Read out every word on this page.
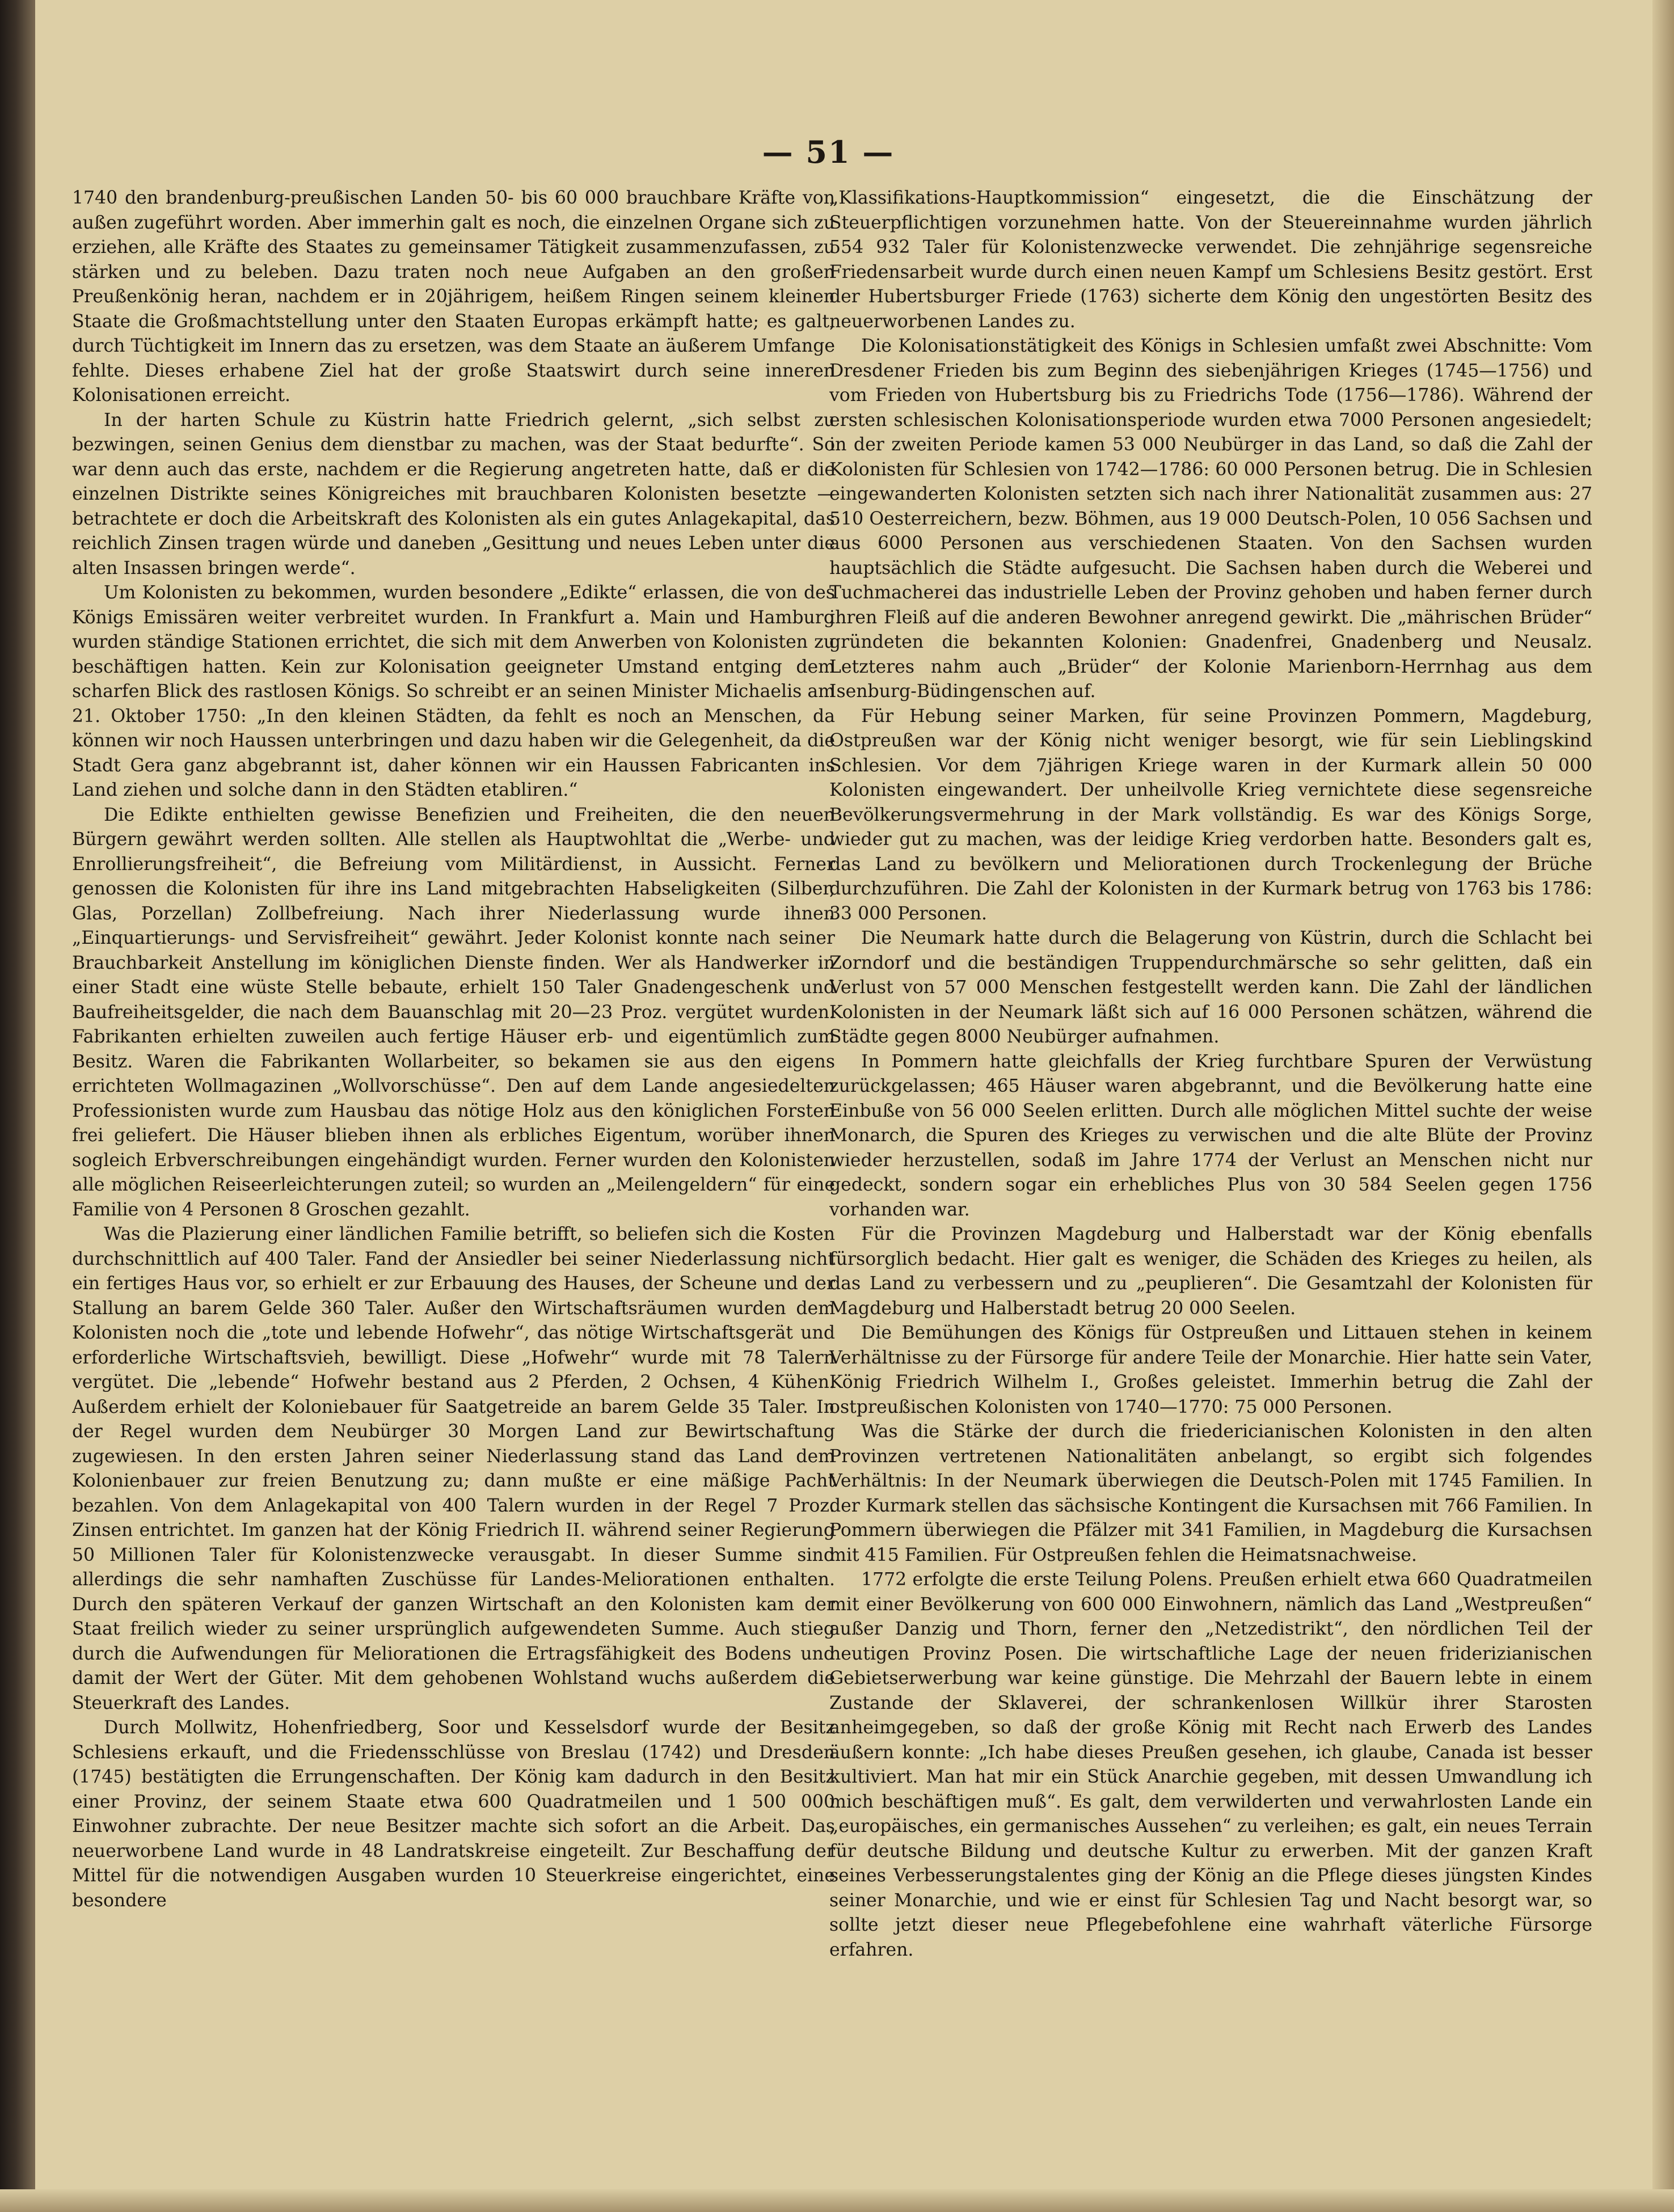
— 51 —

1740 den brandenburg-preußischen Landen 50- bis 60 000 brauchbare Kräfte von außen zugeführt worden. Aber immerhin galt es noch, die einzelnen Organe sich zu erziehen, alle Kräfte des Staates zu gemeinsamer Tätigkeit zusammenzufassen, zu stärken und zu beleben. Dazu traten noch neue Aufgaben an den großen Preußenkönig heran, nachdem er in 20jährigem, heißem Ringen seinem kleinen Staate die Großmachtstellung unter den Staaten Europas erkämpft hatte; es galt, durch Tüchtigkeit im Innern das zu ersetzen, was dem Staate an äußerem Umfange fehlte. Dieses erhabene Ziel hat der große Staatswirt durch seine inneren Kolonisationen erreicht.

In der harten Schule zu Küstrin hatte Friedrich gelernt, „sich selbst zu bezwingen, seinen Genius dem dienstbar zu machen, was der Staat bedurfte“. So war denn auch das erste, nachdem er die Regierung angetreten hatte, daß er die einzelnen Distrikte seines Königreiches mit brauchbaren Kolonisten besetzte — betrachtete er doch die Arbeitskraft des Kolonisten als ein gutes Anlagekapital, das reichlich Zinsen tragen würde und daneben „Gesittung und neues Leben unter die alten Insassen bringen werde“.

Um Kolonisten zu bekommen, wurden besondere „Edikte“ erlassen, die von des Königs Emissären weiter verbreitet wurden. In Frankfurt a. Main und Hamburg wurden ständige Stationen errichtet, die sich mit dem Anwerben von Kolonisten zu beschäftigen hatten. Kein zur Kolonisation geeigneter Umstand entging dem scharfen Blick des rastlosen Königs. So schreibt er an seinen Minister Michaelis am 21. Oktober 1750: „In den kleinen Städten, da fehlt es noch an Menschen, da können wir noch Haussen unterbringen und dazu haben wir die Gelegenheit, da die Stadt Gera ganz abgebrannt ist, daher können wir ein Haussen Fabricanten ins Land ziehen und solche dann in den Städten etabliren.“

Die Edikte enthielten gewisse Benefizien und Freiheiten, die den neuen Bürgern gewährt werden sollten. Alle stellen als Hauptwohltat die „Werbe- und Enrollierungsfreiheit“, die Befreiung vom Militärdienst, in Aussicht. Ferner genossen die Kolonisten für ihre ins Land mitgebrachten Habseligkeiten (Silber, Glas, Porzellan) Zollbefreiung. Nach ihrer Niederlassung wurde ihnen „Einquartierungs- und Servisfreiheit“ gewährt. Jeder Kolonist konnte nach seiner Brauchbarkeit Anstellung im königlichen Dienste finden. Wer als Handwerker in einer Stadt eine wüste Stelle bebaute, erhielt 150 Taler Gnadengeschenk und Baufreiheitsgelder, die nach dem Bauanschlag mit 20—23 Proz. vergütet wurden. Fabrikanten erhielten zuweilen auch fertige Häuser erb- und eigentümlich zum Besitz. Waren die Fabrikanten Wollarbeiter, so bekamen sie aus den eigens errichteten Wollmagazinen „Wollvorschüsse“. Den auf dem Lande angesiedelten Professionisten wurde zum Hausbau das nötige Holz aus den königlichen Forsten frei geliefert. Die Häuser blieben ihnen als erbliches Eigentum, worüber ihnen sogleich Erbverschreibungen eingehändigt wurden. Ferner wurden den Kolonisten alle möglichen Reiseerleichterungen zuteil; so wurden an „Meilengeldern“ für eine Familie von 4 Personen 8 Groschen gezahlt.

Was die Plazierung einer ländlichen Familie betrifft, so beliefen sich die Kosten durchschnittlich auf 400 Taler. Fand der Ansiedler bei seiner Niederlassung nicht ein fertiges Haus vor, so erhielt er zur Erbauung des Hauses, der Scheune und der Stallung an barem Gelde 360 Taler. Außer den Wirtschaftsräumen wurden dem Kolonisten noch die „tote und lebende Hofwehr“, das nötige Wirtschaftsgerät und erforderliche Wirtschaftsvieh, bewilligt. Diese „Hofwehr“ wurde mit 78 Talern vergütet. Die „lebende“ Hofwehr bestand aus 2 Pferden, 2 Ochsen, 4 Kühen. Außerdem erhielt der Koloniebauer für Saatgetreide an barem Gelde 35 Taler. In der Regel wurden dem Neubürger 30 Morgen Land zur Bewirtschaftung zugewiesen. In den ersten Jahren seiner Niederlassung stand das Land dem Kolonienbauer zur freien Benutzung zu; dann mußte er eine mäßige Pacht bezahlen. Von dem Anlagekapital von 400 Talern wurden in der Regel 7 Proz. Zinsen entrichtet. Im ganzen hat der König Friedrich II. während seiner Regierung 50 Millionen Taler für Kolonistenzwecke verausgabt. In dieser Summe sind allerdings die sehr namhaften Zuschüsse für Landes-Meliorationen enthalten. Durch den späteren Verkauf der ganzen Wirtschaft an den Kolonisten kam der Staat freilich wieder zu seiner ursprünglich aufgewendeten Summe. Auch stieg durch die Aufwendungen für Meliorationen die Ertragsfähigkeit des Bodens und damit der Wert der Güter. Mit dem gehobenen Wohlstand wuchs außerdem die Steuerkraft des Landes.

Durch Mollwitz, Hohenfriedberg, Soor und Kesselsdorf wurde der Besitz Schlesiens erkauft, und die Friedensschlüsse von Breslau (1742) und Dresden (1745) bestätigten die Errungenschaften. Der König kam dadurch in den Besitz einer Provinz, der seinem Staate etwa 600 Quadratmeilen und 1 500 000 Einwohner zubrachte. Der neue Besitzer machte sich sofort an die Arbeit. Das neuerworbene Land wurde in 48 Landratskreise eingeteilt. Zur Beschaffung der Mittel für die notwendigen Ausgaben wurden 10 Steuerkreise eingerichtet, eine besondere

„Klassifikations-Hauptkommission“ eingesetzt, die die Einschätzung der Steuerpflichtigen vorzunehmen hatte. Von der Steuereinnahme wurden jährlich 554 932 Taler für Kolonistenzwecke verwendet. Die zehnjährige segensreiche Friedensarbeit wurde durch einen neuen Kampf um Schlesiens Besitz gestört. Erst der Hubertsburger Friede (1763) sicherte dem König den ungestörten Besitz des neuerworbenen Landes zu.

Die Kolonisationstätigkeit des Königs in Schlesien umfaßt zwei Abschnitte: Vom Dresdener Frieden bis zum Beginn des siebenjährigen Krieges (1745—1756) und vom Frieden von Hubertsburg bis zu Friedrichs Tode (1756—1786). Während der ersten schlesischen Kolonisationsperiode wurden etwa 7000 Personen angesiedelt; in der zweiten Periode kamen 53 000 Neubürger in das Land, so daß die Zahl der Kolonisten für Schlesien von 1742—1786: 60 000 Personen betrug. Die in Schlesien eingewanderten Kolonisten setzten sich nach ihrer Nationalität zusammen aus: 27 510 Oesterreichern, bezw. Böhmen, aus 19 000 Deutsch-Polen, 10 056 Sachsen und aus 6000 Personen aus verschiedenen Staaten. Von den Sachsen wurden hauptsächlich die Städte aufgesucht. Die Sachsen haben durch die Weberei und Tuchmacherei das industrielle Leben der Provinz gehoben und haben ferner durch ihren Fleiß auf die anderen Bewohner anregend gewirkt. Die „mährischen Brüder“ gründeten die bekannten Kolonien: Gnadenfrei, Gnadenberg und Neusalz. Letzteres nahm auch „Brüder“ der Kolonie Marienborn-Herrnhag aus dem Isenburg-Büdingenschen auf.

Für Hebung seiner Marken, für seine Provinzen Pommern, Magdeburg, Ostpreußen war der König nicht weniger besorgt, wie für sein Lieblingskind Schlesien. Vor dem 7jährigen Kriege waren in der Kurmark allein 50 000 Kolonisten eingewandert. Der unheilvolle Krieg vernichtete diese segensreiche Bevölkerungsvermehrung in der Mark vollständig. Es war des Königs Sorge, wieder gut zu machen, was der leidige Krieg verdorben hatte. Besonders galt es, das Land zu bevölkern und Meliorationen durch Trockenlegung der Brüche durchzuführen. Die Zahl der Kolonisten in der Kurmark betrug von 1763 bis 1786: 33 000 Personen.

Die Neumark hatte durch die Belagerung von Küstrin, durch die Schlacht bei Zorndorf und die beständigen Truppendurchmärsche so sehr gelitten, daß ein Verlust von 57 000 Menschen festgestellt werden kann. Die Zahl der ländlichen Kolonisten in der Neumark läßt sich auf 16 000 Personen schätzen, während die Städte gegen 8000 Neubürger aufnahmen.

In Pommern hatte gleichfalls der Krieg furchtbare Spuren der Verwüstung zurückgelassen; 465 Häuser waren abgebrannt, und die Bevölkerung hatte eine Einbuße von 56 000 Seelen erlitten. Durch alle möglichen Mittel suchte der weise Monarch, die Spuren des Krieges zu verwischen und die alte Blüte der Provinz wieder herzustellen, sodaß im Jahre 1774 der Verlust an Menschen nicht nur gedeckt, sondern sogar ein erhebliches Plus von 30 584 Seelen gegen 1756 vorhanden war.

Für die Provinzen Magdeburg und Halberstadt war der König ebenfalls fürsorglich bedacht. Hier galt es weniger, die Schäden des Krieges zu heilen, als das Land zu verbessern und zu „peuplieren“. Die Gesamtzahl der Kolonisten für Magdeburg und Halberstadt betrug 20 000 Seelen.

Die Bemühungen des Königs für Ostpreußen und Littauen stehen in keinem Verhältnisse zu der Fürsorge für andere Teile der Monarchie. Hier hatte sein Vater, König Friedrich Wilhelm I., Großes geleistet. Immerhin betrug die Zahl der ostpreußischen Kolonisten von 1740—1770: 75 000 Personen.

Was die Stärke der durch die friedericianischen Kolonisten in den alten Provinzen vertretenen Nationalitäten anbelangt, so ergibt sich folgendes Verhältnis: In der Neumark überwiegen die Deutsch-Polen mit 1745 Familien. In der Kurmark stellen das sächsische Kontingent die Kursachsen mit 766 Familien. In Pommern überwiegen die Pfälzer mit 341 Familien, in Magdeburg die Kursachsen mit 415 Familien. Für Ostpreußen fehlen die Heimatsnachweise.

1772 erfolgte die erste Teilung Polens. Preußen erhielt etwa 660 Quadratmeilen mit einer Bevölkerung von 600 000 Einwohnern, nämlich das Land „Westpreußen“ außer Danzig und Thorn, ferner den „Netzedistrikt“, den nördlichen Teil der heutigen Provinz Posen. Die wirtschaftliche Lage der neuen friderizianischen Gebietserwerbung war keine günstige. Die Mehrzahl der Bauern lebte in einem Zustande der Sklaverei, der schrankenlosen Willkür ihrer Starosten anheimgegeben, so daß der große König mit Recht nach Erwerb des Landes äußern konnte: „Ich habe dieses Preußen gesehen, ich glaube, Canada ist besser kultiviert. Man hat mir ein Stück Anarchie gegeben, mit dessen Umwandlung ich mich beschäftigen muß“. Es galt, dem verwilderten und verwahrlosten Lande ein „europäisches, ein germanisches Aussehen“ zu verleihen; es galt, ein neues Terrain für deutsche Bildung und deutsche Kultur zu erwerben. Mit der ganzen Kraft seines Verbesserungstalentes ging der König an die Pflege dieses jüngsten Kindes seiner Monarchie, und wie er einst für Schlesien Tag und Nacht besorgt war, so sollte jetzt dieser neue Pflegebefohlene eine wahrhaft väterliche Fürsorge erfahren.
